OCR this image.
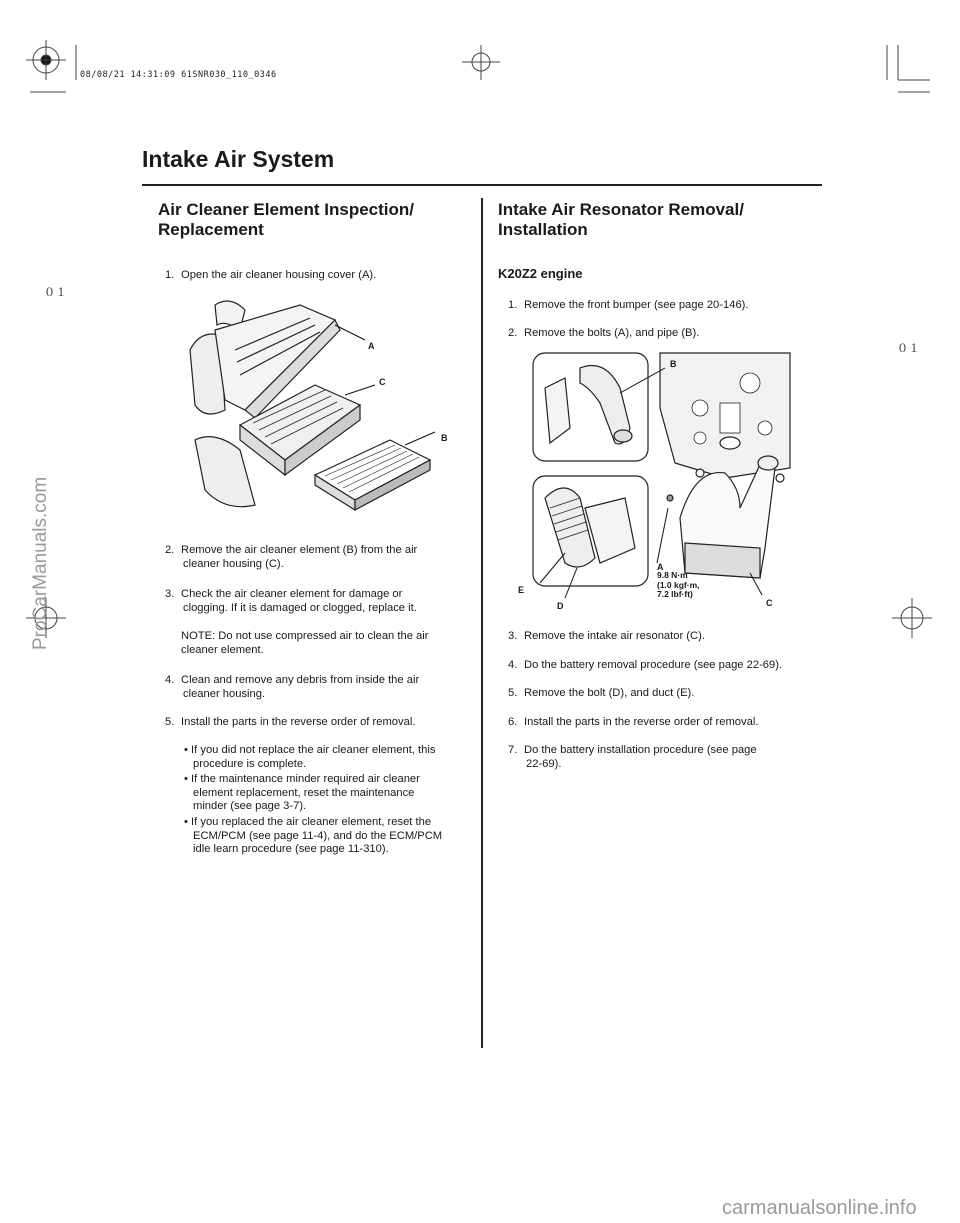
08/08/21 14:31:09 61SNR030_110_0346
Intake Air System
０１
０１
Air Cleaner Element Inspection/
Replacement
1. Open the air cleaner housing cover (A).
A
C
B
2. Remove the air cleaner element (B) from the air
cleaner housing (C).
3. Check the air cleaner element for damage or
clogging. If it is damaged or clogged, replace it.
NOTE: Do not use compressed air to clean the air
cleaner element.
4. Clean and remove any debris from inside the air
cleaner housing.
5. Install the parts in the reverse order of removal.
• If you did not replace the air cleaner element, this
procedure is complete.
• If the maintenance minder required air cleaner
element replacement, reset the maintenance
minder (see page 3-7).
• If you replaced the air cleaner element, reset the
ECM/PCM (see page 11-4), and do the ECM/PCM
idle learn procedure (see page 11-310).
Intake Air Resonator Removal/
Installation
K20Z2 engine
1. Remove the front bumper (see page 20-146).
2. Remove the bolts (A), and pipe (B).
B
A
9.8 N·m
(1.0 kgf·m,
7.2 lbf·ft)
E
D	C
3. Remove the intake air resonator (C).
4. Do the battery removal procedure (see page 22-69).
5. Remove the bolt (D), and duct (E).
6. Install the parts in the reverse order of removal.
7. Do the battery installation procedure (see page
22-69).
ProCarManuals.com
carmanualsonline.info
